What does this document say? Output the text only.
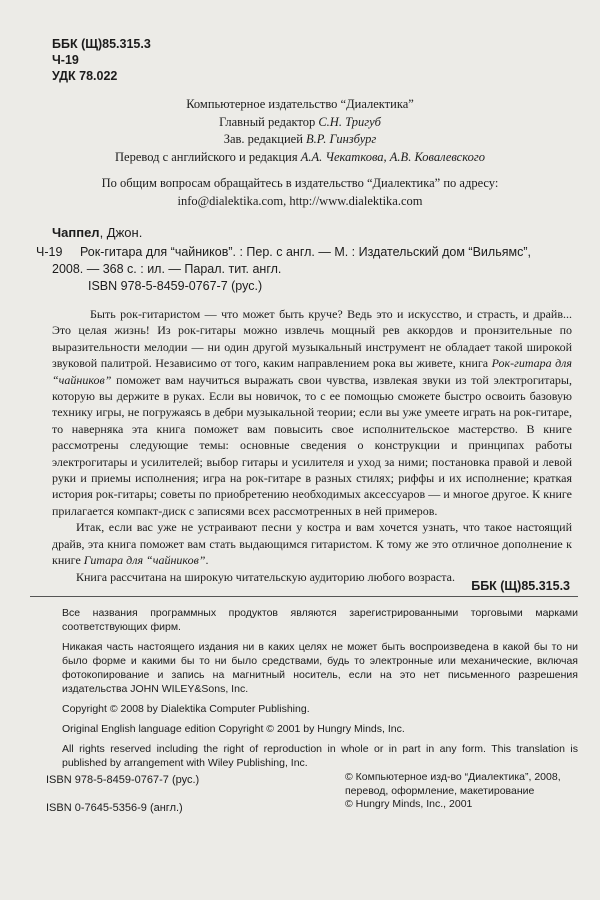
ББК (Щ)85.315.3
Ч-19
УДК 78.022
Компьютерное издательство “Диалектика”
Главный редактор С.Н. Тригуб
Зав. редакцией В.Р. Гинзбург
Перевод с английского и редакция А.А. Чекаткова, А.В. Ковалевского
По общим вопросам обращайтесь в издательство “Диалектика” по адресу:
info@dialektika.com, http://www.dialektika.com
Чаппел, Джон.
Ч-19 Рок-гитара для “чайников”. : Пер. с англ. — М. : Издательский дом “Вильямс”,
2008. — 368 с. : ил. — Парал. тит. англ.
ISBN 978-5-8459-0767-7 (рус.)

Быть рок-гитаристом — что может быть круче? Ведь это и искусство, и страсть, и драйв... Это целая жизнь! Из рок-гитары можно извлечь мощный рев аккордов и пронзительные по выразительности мелодии — ни один другой музыкальный инструмент не обладает такой широкой звуковой палитрой. Независимо от того, каким направлением рока вы живете, книга Рок-гитара для “чайников” поможет вам научиться выражать свои чувства, извлекая звуки из той электрогитары, которую вы держите в руках. Если вы новичок, то с ее помощью сможете быстро освоить базовую технику игры, не погружаясь в дебри музыкальной теории; если вы уже умеете играть на рок-гитаре, то наверняка эта книга поможет вам повысить свое исполнительское мастерство. В книге рассмотрены следующие темы: основные сведения о конструкции и принципах работы электрогитары и усилителей; выбор гитары и усилителя и уход за ними; постановка правой и левой руки и приемы исполнения; игра на рок-гитаре в разных стилях; риффы и их исполнение; краткая история рок-гитары; советы по приобретению необходимых аксессуаров — и многое другое. К книге прилагается компакт-диск с записями всех рассмотренных в ней примеров.

Итак, если вас уже не устраивают песни у костра и вам хочется узнать, что такое настоящий драйв, эта книга поможет вам стать выдающимся гитаристом. К тому же это отличное дополнение к книге Гитара для “чайников”.

Книга рассчитана на широкую читательскую аудиторию любого возраста.

ББК (Щ)85.315.3

Все названия программных продуктов являются зарегистрированными торговыми марками соответствующих фирм.

Никакая часть настоящего издания ни в каких целях не может быть воспроизведена в какой бы то ни было форме и какими бы то ни было средствами, будь то электронные или механические, включая фотокопирование и запись на магнитный носитель, если на это нет письменного разрешения издательства JOHN WILEY&Sons, Inc.

Copyright © 2008 by Dialektika Computer Publishing.

Original English language edition Copyright © 2001 by Hungry Minds, Inc.

All rights reserved including the right of reproduction in whole or in part in any form. This translation is published by arrangement with Wiley Publishing, Inc.

ISBN 978-5-8459-0767-7 (рус.)
ISBN 0-7645-5356-9 (англ.)
© Компьютерное изд-во “Диалектика”, 2008,
перевод, оформление, макетирование
© Hungry Minds, Inc., 2001
